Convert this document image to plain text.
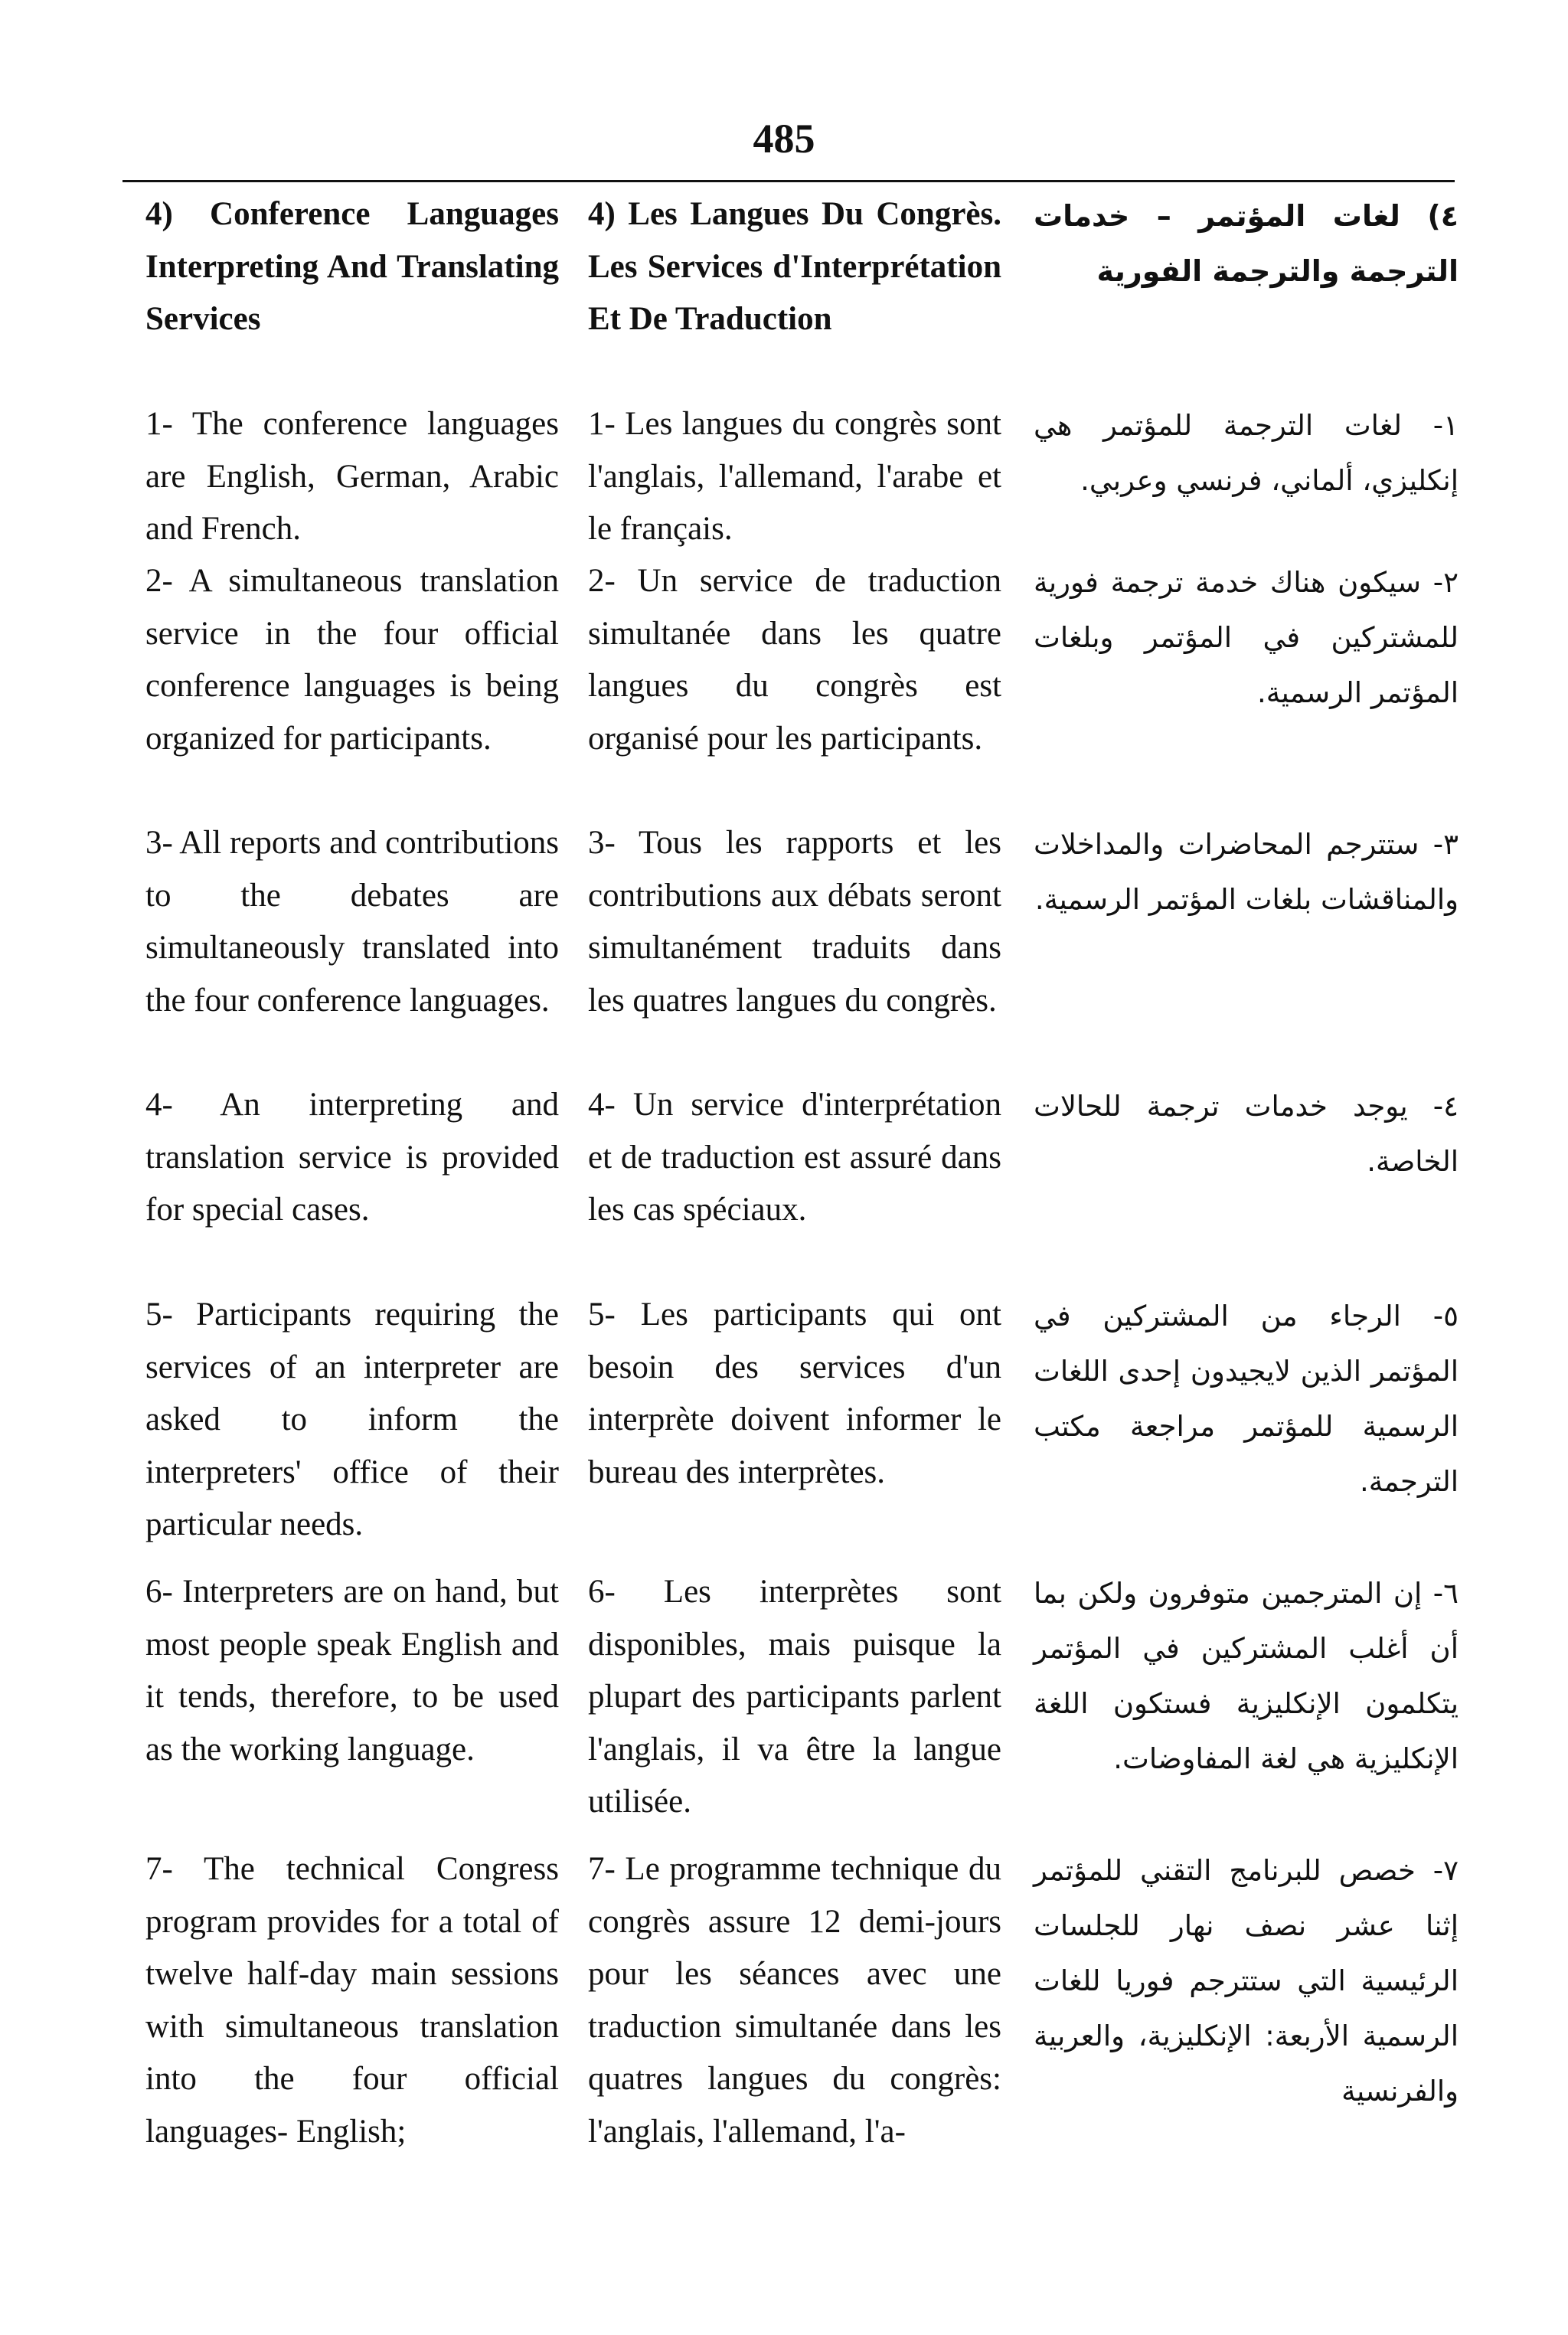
485
4) Conference Languages Interpreting And Translating Services

1- The conference languages are English, German, Arabic and French.

2- A simultaneous translation service in the four official conference languages is being organized for participants.

3- All reports and contributions to the debates are simultaneously translated into the four conference languages.

4- An interpreting and translation service is provided for special cases.

5- Participants requiring the services of an interpreter are asked to inform the interpreters' office of their particular needs.

6- Interpreters are on hand, but most people speak English and it tends, therefore, to be used as the working language.

7- The technical Congress program provides for a total of twelve half-day main sessions with simultaneous translation into the four official languages- English;

4) Les Langues Du Congrès. Les Services d'Interprétation Et De Traduction

1- Les langues du congrès sont l'anglais, l'allemand, l'arabe et le français.

2- Un service de traduction simultanée dans les quatre langues du congrès est organisé pour les participants.

3- Tous les rapports et les contributions aux débats seront simultanément traduits dans les quatres langues du congrès.

4- Un service d'interprétation et de traduction est assuré dans les cas spéciaux.

5- Les participants qui ont besoin des services d'un interprète doivent informer le bureau des interprètes.

6- Les interprètes sont disponibles, mais puisque la plupart des participants parlent l'anglais, il va être la langue utilisée.

7- Le programme technique du congrès assure 12 demi-jours pour les séances avec une traduction simultanée dans les quatres langues du congrès: l'anglais, l'allemand, l'a-

٤) لغات المؤتمر – خدمات الترجمة والترجمة الفورية

١- لغات الترجمة للمؤتمر هي إنكليزي، ألماني، فرنسي وعربي.

٢- سيكون هناك خدمة ترجمة فورية للمشتركين في المؤتمر وبلغات المؤتمر الرسمية.

٣- ستترجم المحاضرات والمداخلات والمناقشات بلغات المؤتمر الرسمية.

٤- يوجد خدمات ترجمة للحالات الخاصة.

٥- الرجاء من المشتركين في المؤتمر الذين لايجيدون إحدى اللغات الرسمية للمؤتمر مراجعة مكتب الترجمة.

٦- إن المترجمين متوفرون ولكن بما أن أغلب المشتركين في المؤتمر يتكلمون الإنكليزية فستكون اللغة الإنكليزية هي لغة المفاوضات.

٧- خصص للبرنامج التقني للمؤتمر إثنا عشر نصف نهار للجلسات الرئيسية التي ستترجم فوريا للغات الرسمية الأربعة: الإنكليزية، والعربية والفرنسية
